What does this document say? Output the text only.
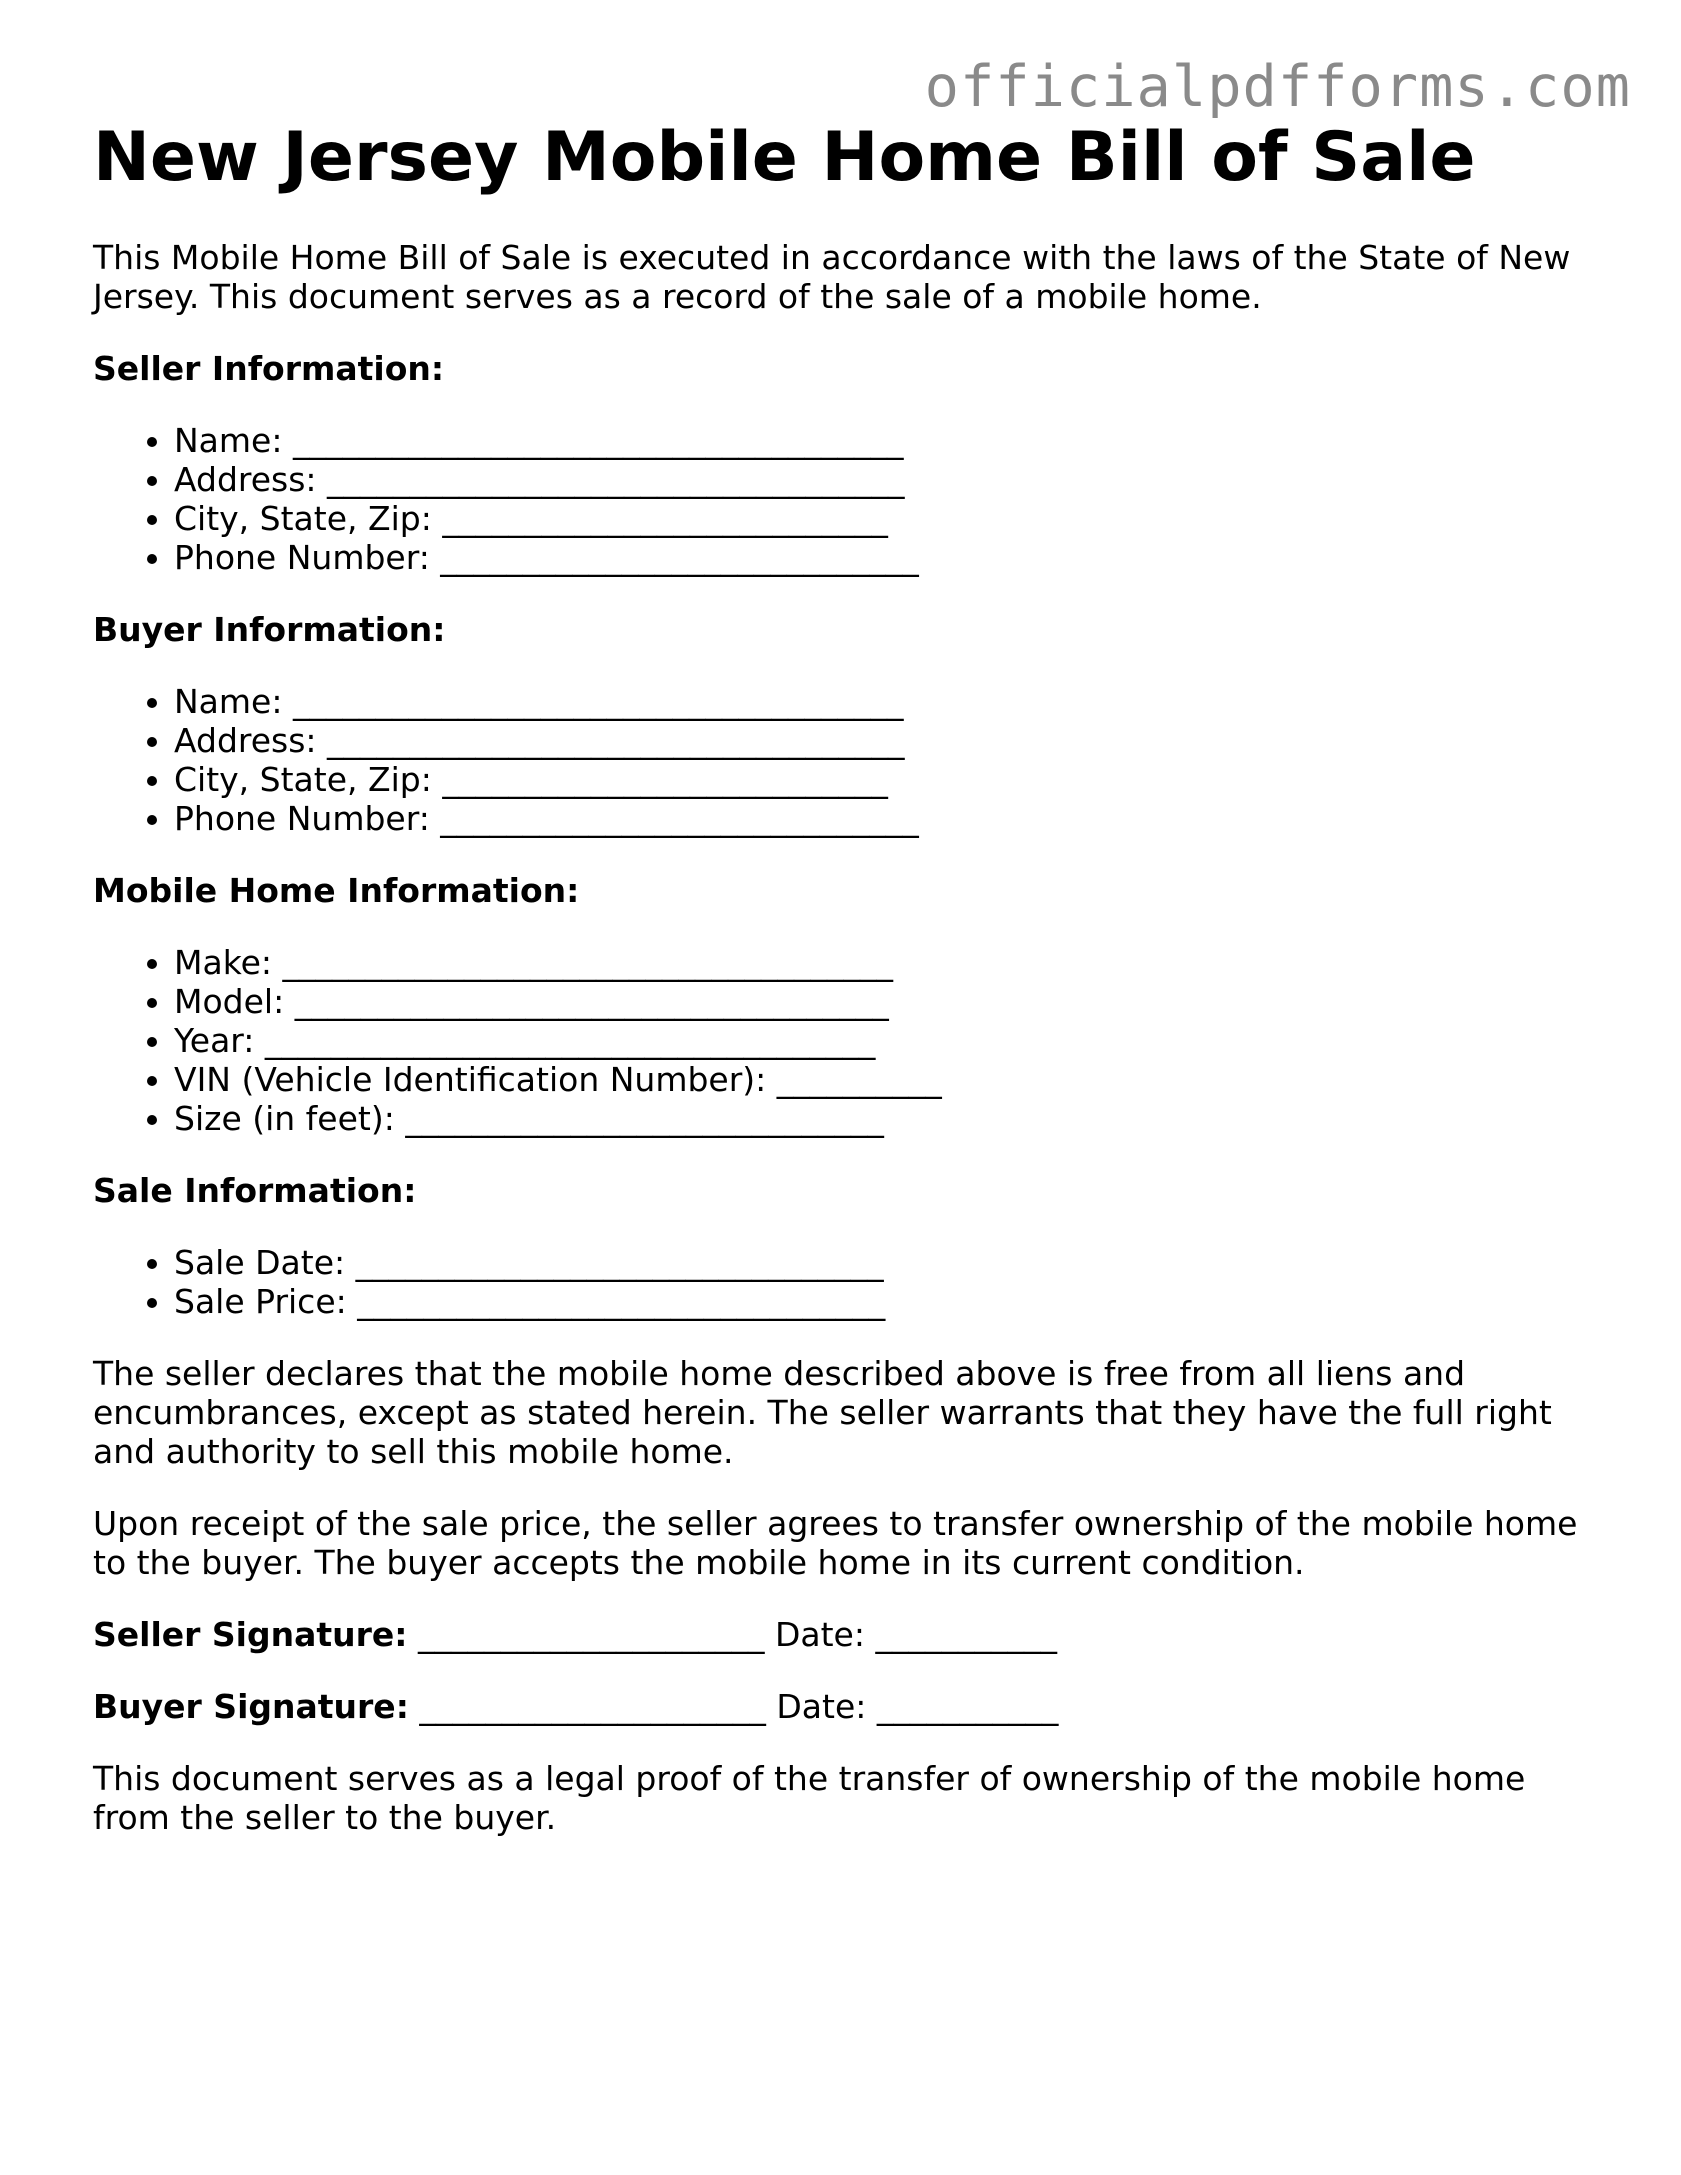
officialpdfforms.com
New Jersey Mobile Home Bill of Sale

This Mobile Home Bill of Sale is executed in accordance with the laws of the State of New Jersey. This document serves as a record of the sale of a mobile home.

Seller Information:
• Name: _____________________________________
• Address: ___________________________________
• City, State, Zip: ___________________________
• Phone Number: _____________________________
Buyer Information:
• Name: _____________________________________
• Address: ___________________________________
• City, State, Zip: ___________________________
• Phone Number: _____________________________
Mobile Home Information:
• Make: _____________________________________
• Model: ____________________________________
• Year: _____________________________________
• VIN (Vehicle Identification Number): __________
• Size (in feet): _____________________________
Sale Information:
• Sale Date: ________________________________
• Sale Price: ________________________________

The seller declares that the mobile home described above is free from all liens and encumbrances, except as stated herein. The seller warrants that they have the full right and authority to sell this mobile home.

Upon receipt of the sale price, the seller agrees to transfer ownership of the mobile home to the buyer. The buyer accepts the mobile home in its current condition.

Seller Signature: _____________________ Date: ___________
Buyer Signature: _____________________ Date: ___________

This document serves as a legal proof of the transfer of ownership of the mobile home from the seller to the buyer.
